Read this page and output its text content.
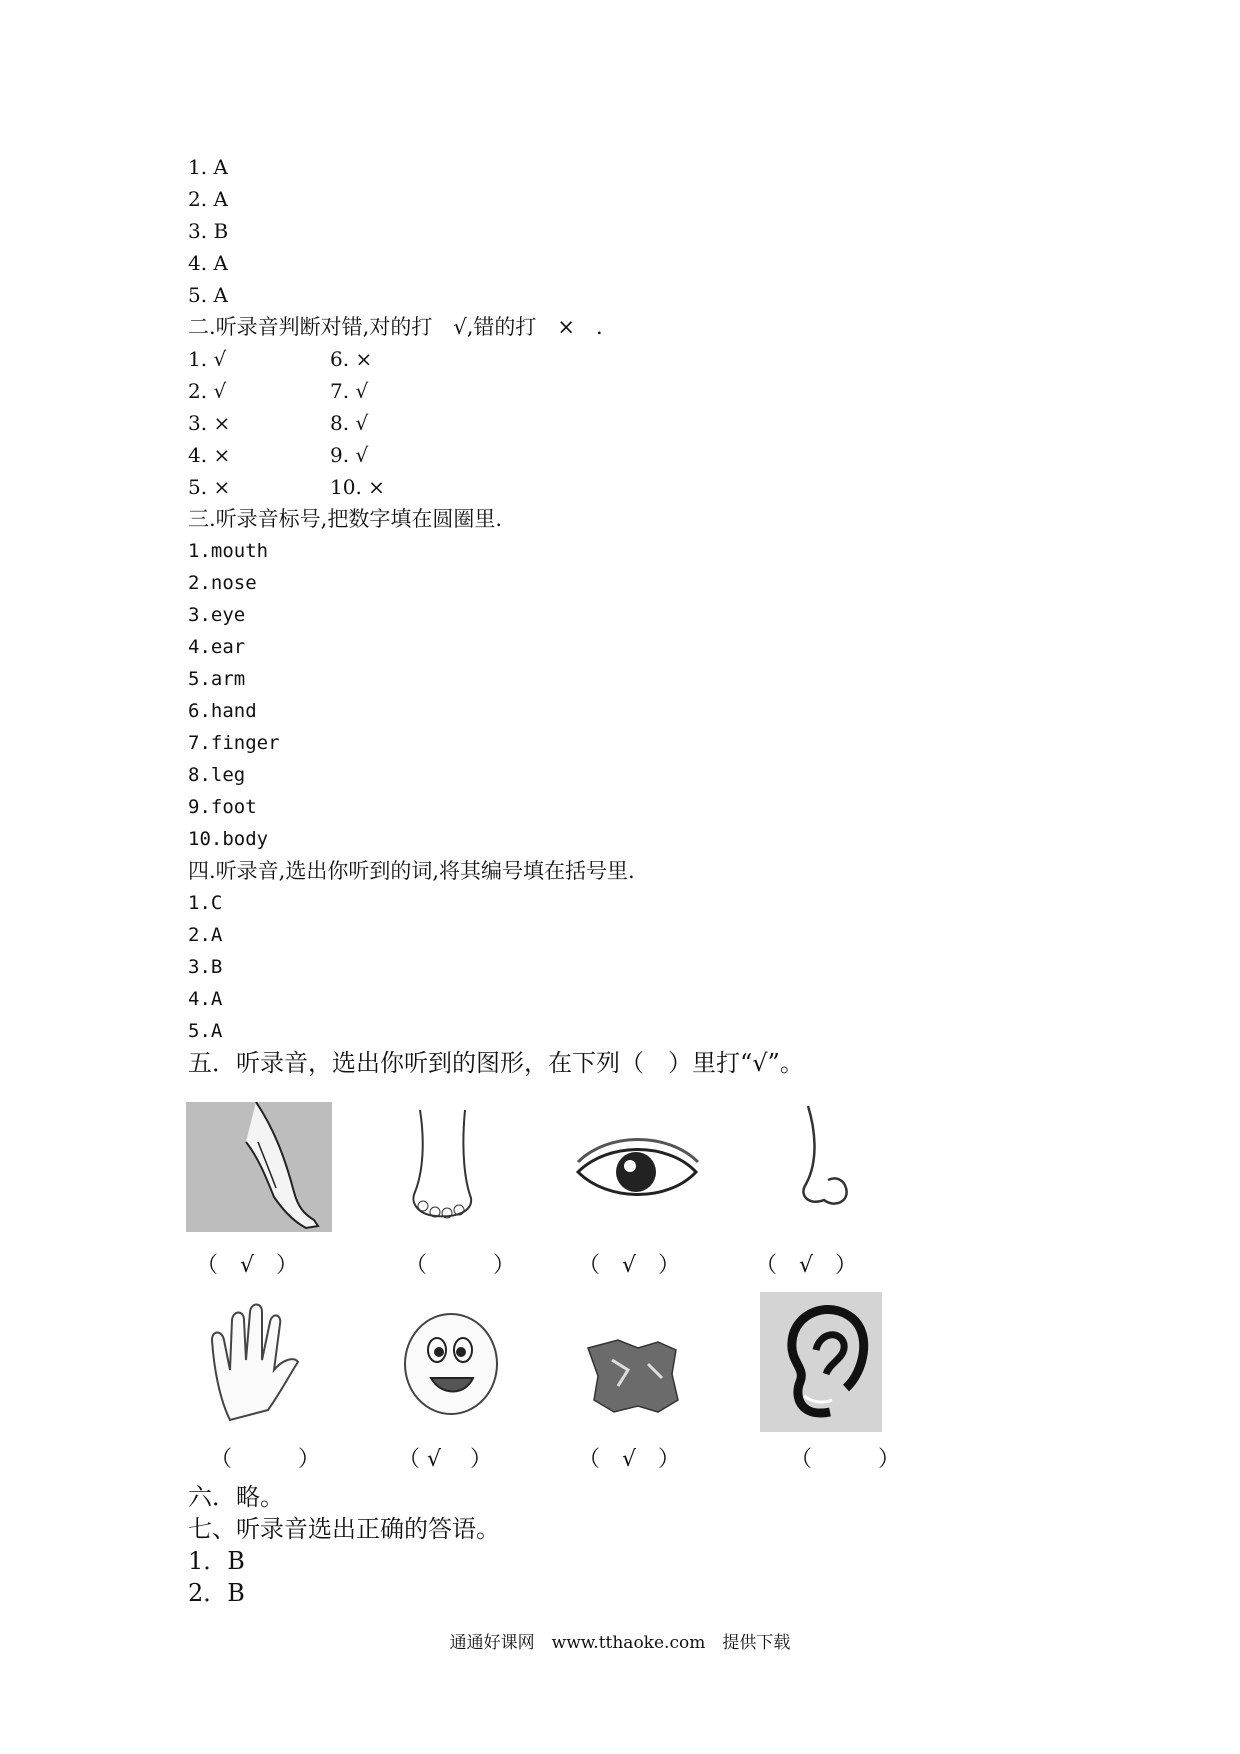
1. A
2. A
3. B
4. A
5. A
二.听录音判断对错,对的打　√,错的打　×　.
1. √	6. ×
2. √	7. √
3. ×	8. √
4. ×	9. √
5. ×	10. ×
三.听录音标号,把数字填在圆圈里.
1.mouth
2.nose
3.eye
4.ear
5.arm
6.hand
7.finger
8.leg
9.foot
10.body
四.听录音,选出你听到的词,将其编号填在括号里.
1.C
2.A
3.B
4.A
5.A
五．听录音，选出你听到的图形，在下列（　）里打“√”。
（　√　）	（　　　）	（　√　）	（　√　）
（　　　）	（ √　 ）	（　√　）	（　　　）
六．略。
七、听录音选出正确的答语。
1．B
2．B
通通好课网　www.tthaoke.com　提供下载
